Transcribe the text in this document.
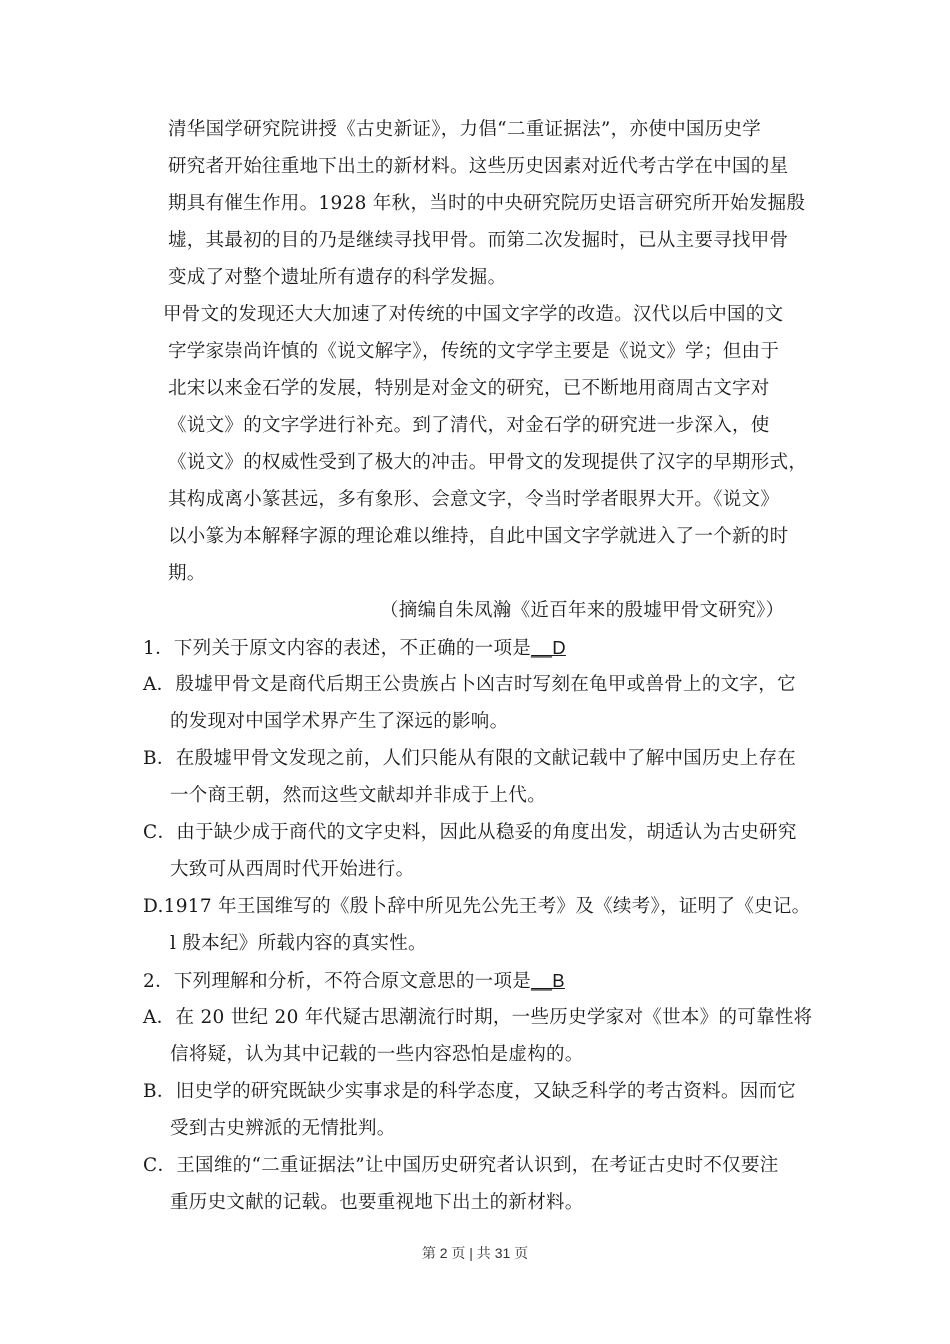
清华国学研究院讲授《古史新证》，力倡“二重证据法”，亦使中国历史学
研究者开始往重地下出土的新材料。这些历史因素对近代考古学在中国的星
期具有催生作用。1928 年秋，当时的中央研究院历史语言研究所开始发掘殷
墟，其最初的目的乃是继续寻找甲骨。而第二次发掘时，已从主要寻找甲骨
变成了对整个遗址所有遗存的科学发掘。
甲骨文的发现还大大加速了对传统的中国文字学的改造。汉代以后中国的文
字学家崇尚许慎的《说文解字》，传统的文字学主要是《说文》学；但由于
北宋以来金石学的发展，特别是对金文的研究，已不断地用商周古文字对
《说文》的文字学进行补充。到了清代，对金石学的研究进一步深入，使
《说文》的权威性受到了极大的冲击。甲骨文的发现提供了汉字的早期形式，
其构成离小篆甚远，多有象形、会意文字，令当时学者眼界大开。《说文》
以小篆为本解释字源的理论难以维持，自此中国文字学就进入了一个新的时
期。
（摘编自朱凤瀚《近百年来的殷墟甲骨文研究》）
1．下列关于原文内容的表述，不正确的一项是__D
A．殷墟甲骨文是商代后期王公贵族占卜凶吉时写刻在龟甲或兽骨上的文字，它
的发现对中国学术界产生了深远的影响。
B．在殷墟甲骨文发现之前，人们只能从有限的文献记载中了解中国历史上存在
一个商王朝，然而这些文献却并非成于上代。
C．由于缺少成于商代的文字史料，因此从稳妥的角度出发，胡适认为古史研究
大致可从西周时代开始进行。
D.1917 年王国维写的《殷卜辞中所见先公先王考》及《续考》，证明了《史记。
l 殷本纪》所载内容的真实性。
2．下列理解和分析，不符合原文意思的一项是__B
A．在 20 世纪 20 年代疑古思潮流行时期，一些历史学家对《世本》的可靠性将
信将疑，认为其中记载的一些内容恐怕是虚构的。
B．旧史学的研究既缺少实事求是的科学态度，又缺乏科学的考古资料。因而它
受到古史辨派的无情批判。
C．王国维的“二重证据法”让中国历史研究者认识到，在考证古史时不仅要注
重历史文献的记载。也要重视地下出土的新材料。
第 2 页 | 共 31 页
